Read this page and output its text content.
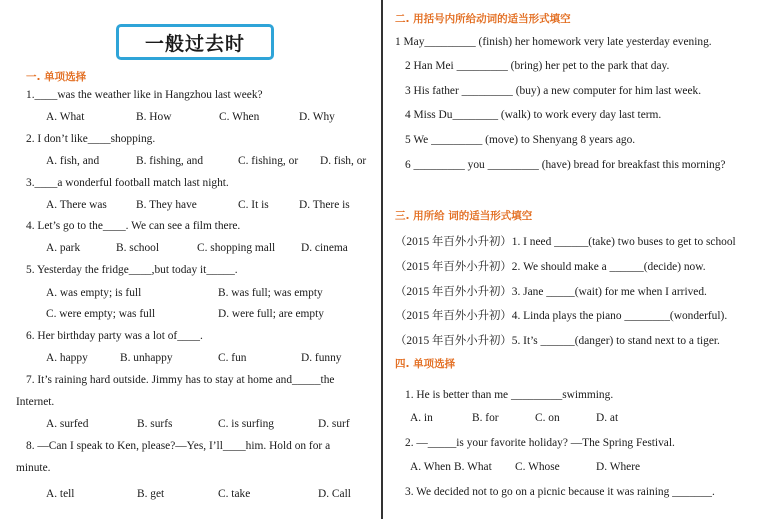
一般过去时
一. 单项选择
1.____was the weather like in Hangzhou last week?
A. What	B. How	C. When	D. Why
2. I don’t like____shopping.
A. fish, and	B. fishing, and	C. fishing, or D. fish, or
3.____a wonderful football match last night.
A. There was	B. They have	C. It is	D. There is
4. Let’s go to the____. We can see a film there.
A. park	B. school	C. shopping mall D. cinema
5. Yesterday the fridge____,but today it_____.
A. was empty; is full	B. was full; was empty
C. were empty; was full	D. were full; are empty
6. Her birthday party was a lot of____.
A. happy	B. unhappy	C. fun	D. funny
7. It’s raining hard outside. Jimmy has to stay at home and_____the
Internet.
A. surfed	B. surfs	C. is surfing	D. surf
8. —Can I speak to Ken, please?—Yes, I’ll____him. Hold on for a
minute.
A. tell	B. get	C. take	D. Call
二. 用括号内所给动词的适当形式填空
1 May_________ (finish) her homework very late yesterday evening.
2 Han Mei _________ (bring) her pet to the park that day.
3 His father _________ (buy) a new computer for him last week.
4 Miss Du________ (walk) to work every day last term.
5 We _________ (move) to Shenyang 8 years ago.
6 _________ you _________ (have) bread for breakfast this morning?
三. 用所给 词的适当形式填空
（2015 年百外小升初）1. I need ______(take) two buses to get to school
（2015 年百外小升初）2. We should make a ______(decide) now.
（2015 年百外小升初）3. Jane _____(wait) for me when I arrived.
（2015 年百外小升初）4. Linda plays the piano ________(wonderful).
（2015 年百外小升初）5. It’s ______(danger) to stand next to a tiger.
四. 单项选择
1. He is better than me _________swimming.
A. in	B. for	C. on	D. at
2. —_____is your favorite holiday? —The Spring Festival.
A. When B. What C. Whose	D. Where
3. We decided not to go on a picnic because it was raining _______.
